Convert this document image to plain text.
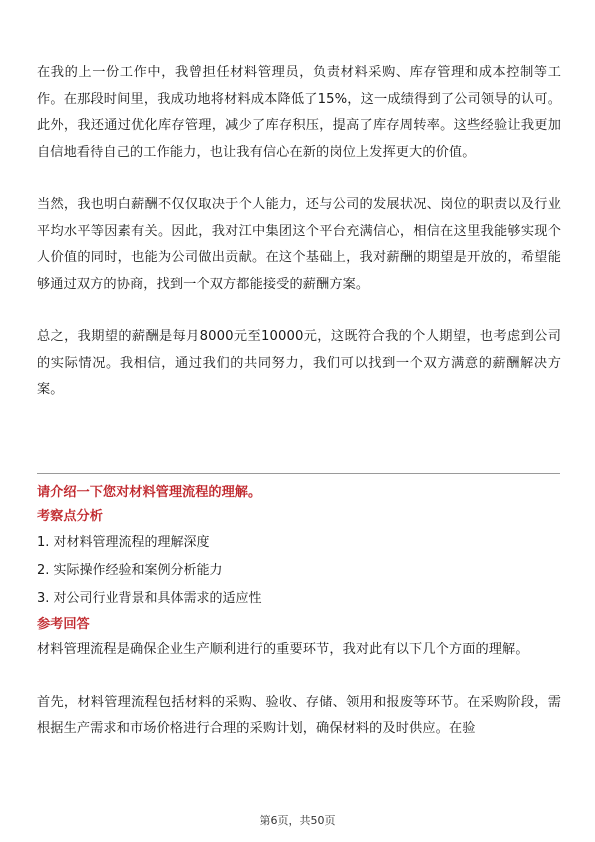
在我的上一份工作中，我曾担任材料管理员，负责材料采购、库存管理和成本控制等工作。在那段时间里，我成功地将材料成本降低了15%，这一成绩得到了公司领导的认可。此外，我还通过优化库存管理，减少了库存积压，提高了库存周转率。这些经验让我更加自信地看待自己的工作能力，也让我有信心在新的岗位上发挥更大的价值。

当然，我也明白薪酬不仅仅取决于个人能力，还与公司的发展状况、岗位的职责以及行业平均水平等因素有关。因此，我对江中集团这个平台充满信心，相信在这里我能够实现个人价值的同时，也能为公司做出贡献。在这个基础上，我对薪酬的期望是开放的，希望能够通过双方的协商，找到一个双方都能接受的薪酬方案。

总之，我期望的薪酬是每月8000元至10000元，这既符合我的个人期望，也考虑到公司的实际情况。我相信，通过我们的共同努力，我们可以找到一个双方满意的薪酬解决方案。

请介绍一下您对材料管理流程的理解。

考察点分析

1. 对材料管理流程的理解深度
2. 实际操作经验和案例分析能力
3. 对公司行业背景和具体需求的适应性

参考回答

材料管理流程是确保企业生产顺利进行的重要环节，我对此有以下几个方面的理解。

首先，材料管理流程包括材料的采购、验收、存储、领用和报废等环节。在采购阶段，需根据生产需求和市场价格进行合理的采购计划，确保材料的及时供应。在验

第6页，共50页
